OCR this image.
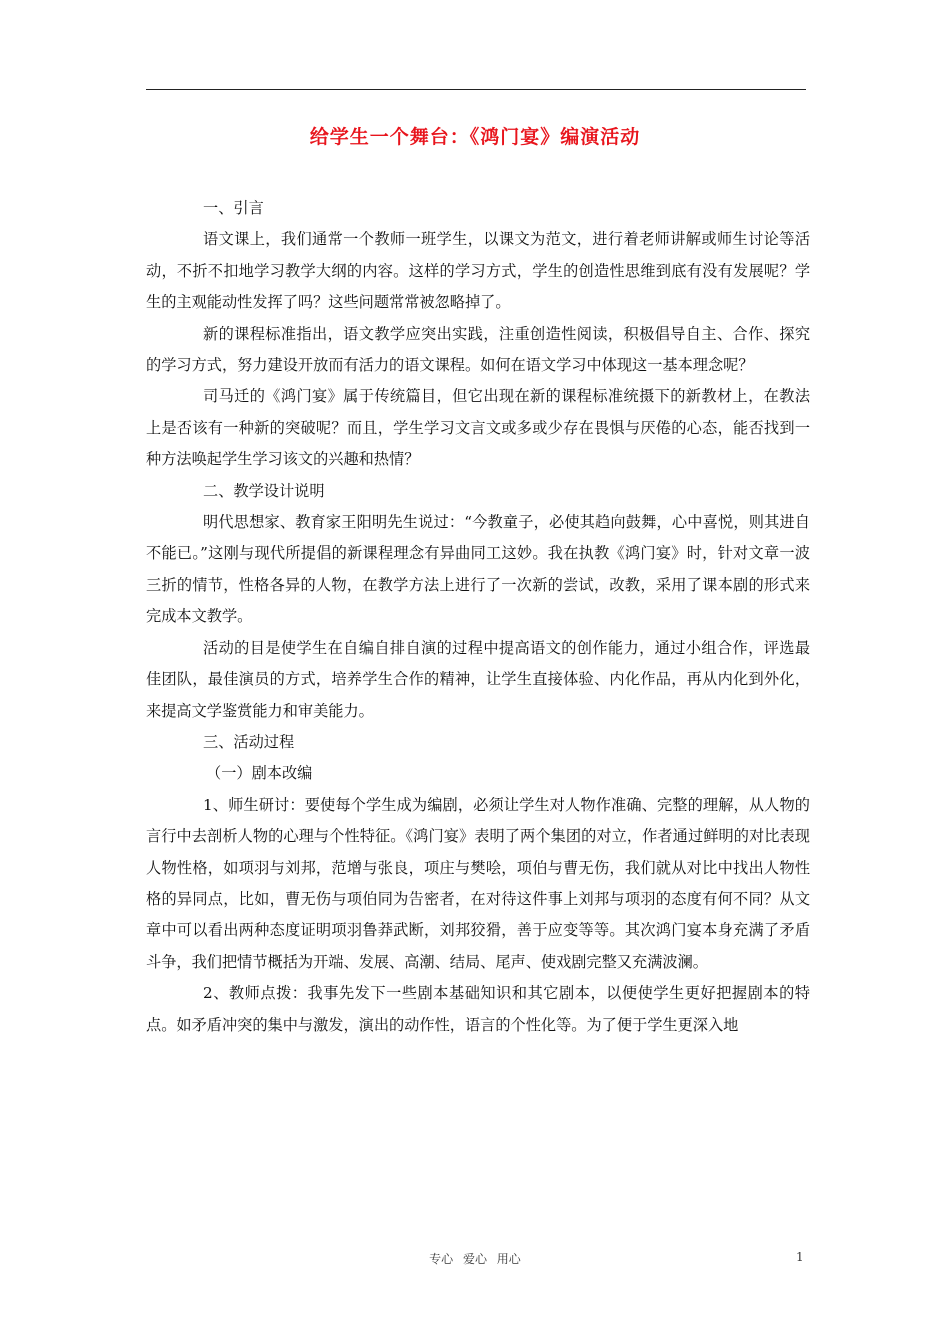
给学生一个舞台：《鸿门宴》编演活动

一、引言

语文课上，我们通常一个教师一班学生，以课文为范文，进行着老师讲解或师生讨论等活动，不折不扣地学习教学大纲的内容。这样的学习方式，学生的创造性思维到底有没有发展呢？学生的主观能动性发挥了吗？这些问题常常被忽略掉了。

新的课程标准指出，语文教学应突出实践，注重创造性阅读，积极倡导自主、合作、探究的学习方式，努力建设开放而有活力的语文课程。如何在语文学习中体现这一基本理念呢？

司马迁的《鸿门宴》属于传统篇目，但它出现在新的课程标准统摄下的新教材上，在教法上是否该有一种新的突破呢？而且，学生学习文言文或多或少存在畏惧与厌倦的心态，能否找到一种方法唤起学生学习该文的兴趣和热情？

二、教学设计说明

明代思想家、教育家王阳明先生说过：“今教童子，必使其趋向鼓舞，心中喜悦，则其进自不能已。”这刚与现代所提倡的新课程理念有异曲同工这妙。我在执教《鸿门宴》时，针对文章一波三折的情节，性格各异的人物，在教学方法上进行了一次新的尝试，改教，采用了课本剧的形式来完成本文教学。

活动的目是使学生在自编自排自演的过程中提高语文的创作能力，通过小组合作，评选最佳团队，最佳演员的方式，培养学生合作的精神，让学生直接体验、内化作品，再从内化到外化，来提高文学鉴赏能力和审美能力。

三、活动过程

（一）剧本改编

1、师生研讨：要使每个学生成为编剧，必须让学生对人物作准确、完整的理解，从人物的言行中去剖析人物的心理与个性特征。《鸿门宴》表明了两个集团的对立，作者通过鲜明的对比表现人物性格，如项羽与刘邦，范增与张良，项庄与樊哙，项伯与曹无伤，我们就从对比中找出人物性格的异同点，比如，曹无伤与项伯同为告密者，在对待这件事上刘邦与项羽的态度有何不同？从文章中可以看出两种态度证明项羽鲁莽武断，刘邦狡猾，善于应变等等。其次鸿门宴本身充满了矛盾斗争，我们把情节概括为开端、发展、高潮、结局、尾声、使戏剧完整又充满波澜。

2、教师点拨：我事先发下一些剧本基础知识和其它剧本，以便使学生更好把握剧本的特点。如矛盾冲突的集中与激发，演出的动作性，语言的个性化等。为了便于学生更深入地

专心 爱心 用心	1
